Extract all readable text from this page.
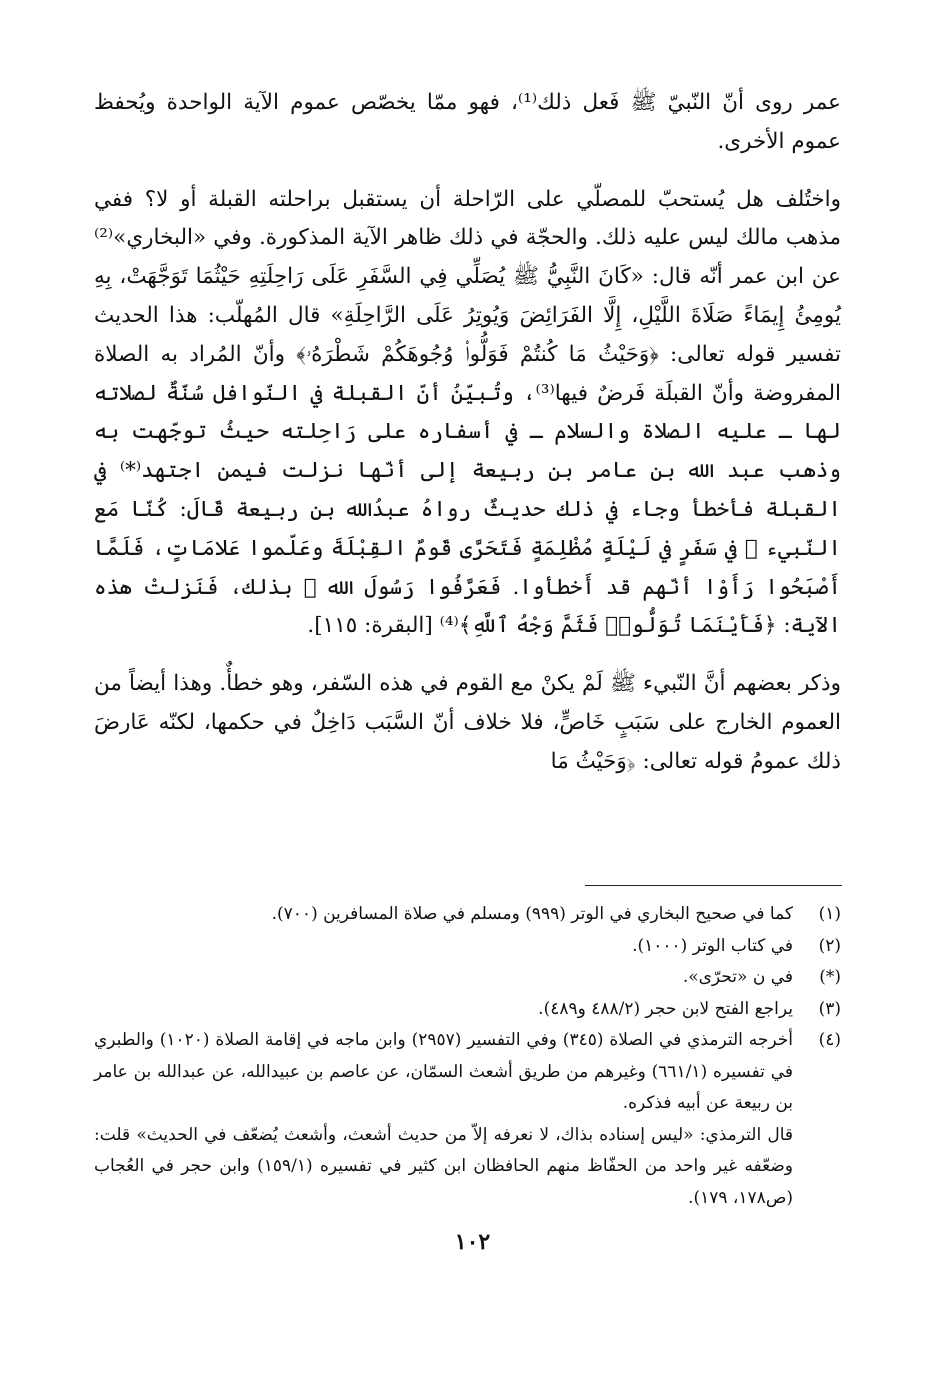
عمر روى أنّ النّبيّ ﷺ فَعل ذلك⁽¹⁾، فهو ممّا يخصّص عموم الآية الواحدة ويُحفظ عموم الأخرى.

واختُلف هل يُستحبّ للمصلّي على الرّاحلة أن يستقبل براحلته القبلة أو لا؟ ففي مذهب مالك ليس عليه ذلك. والحجّة في ذلك ظاهر الآية المذكورة. وفي «البخاري»⁽²⁾ عن ابن عمر أنّه قال: «كَانَ النَّبِيُّ ﷺ يُصَلِّي فِي السَّفَرِ عَلَى رَاحِلَتِهِ حَيْثُمَا تَوَجَّهَتْ، بِهِ يُومِئُ إِيمَاءً صَلَاةَ اللَّيْلِ، إِلَّا الفَرَائِضَ وَيُوتِرُ عَلَى الرَّاحِلَةِ» قال المُهلّب: هذا الحديث تفسير قوله تعالى: ﴿وَحَيْثُ مَا كُنتُمْ فَوَلُّوا۟ وُجُوهَكُمْ شَطْرَهُۥ﴾ وأنّ المُراد به الصلاة المفروضة وأنّ القبلَة فَرضٌ فيها⁽³⁾، وتُبيّنُ أنّ القبلة في النّوافل سُنّةٌ لصلاته لها ـ عليه الصلاة والسلام ـ في أسفاره على رَاحِلته حيثُ توجّهت به وذهب عبد الله بن عامر بن ربيعة إلى أنّها نزلت فيمن اجتهد⁽*⁾ في القبلة فأخطأ وجاء في ذلك حديثٌ رواهُ عبدُالله بن ربيعة قَالَ: كُنّا مَع النّبيء ﷺ في سَفَرٍ في لَيْلَةٍ مُظْلِمَةٍ فَتَحَرَّى قَومٌ القِبْلَةَ وعَلّموا عَلامَاتٍ، فَلَمَّا أَصْبَحُوا رَأَوْا أنّهم قد أَخطأوا. فَعَرَّفُوا رَسُولَ الله ﷺ بذلك، فَنَزلتْ هذه الآية: ﴿فَأَيْنَمَا تُوَلُّوا۟ فَثَمَّ وَجْهُ ٱللَّهِ﴾⁽⁴⁾ [البقرة: ١١٥].

وذكر بعضهم أنَّ النّبيء ﷺ لَمْ يكنْ مع القوم في هذه السّفر، وهو خطأٌ. وهذا أيضاً من العموم الخارج على سَبَبٍ خَاصٍّ، فلا خلاف أنّ السَّبَب دَاخِلٌ في حكمها، لكنّه عَارضَ ذلك عمومُ قوله تعالى: ﴿وَحَيْثُ مَا

(١)
كما في صحيح البخاري في الوتر (٩٩٩) ومسلم في صلاة المسافرين (٧٠٠).
(٢)
في كتاب الوتر (١٠٠٠).
(*)
في ن «تحرّى».
(٣)
يراجع الفتح لابن حجر (٤٨٨/٢ و٤٨٩).
(٤)
أخرجه الترمذي في الصلاة (٣٤٥) وفي التفسير (٢٩٥٧) وابن ماجه في إقامة الصلاة (١٠٢٠) والطبري في تفسيره (٦٦١/١) وغيرهم من طريق أشعث السمّان، عن عاصم بن عبيدالله، عن عبدالله بن عامر بن ربيعة عن أبيه فذكره.
قال الترمذي: «ليس إسناده بذاك، لا نعرفه إلاّ من حديث أشعث، وأشعث يُضعّف في الحديث» قلت: وضعّفه غير واحد من الحفّاظ منهم الحافظان ابن كثير في تفسيره (١٥٩/١) وابن حجر في العُجاب (ص١٧٨، ١٧٩).
١٠٢
